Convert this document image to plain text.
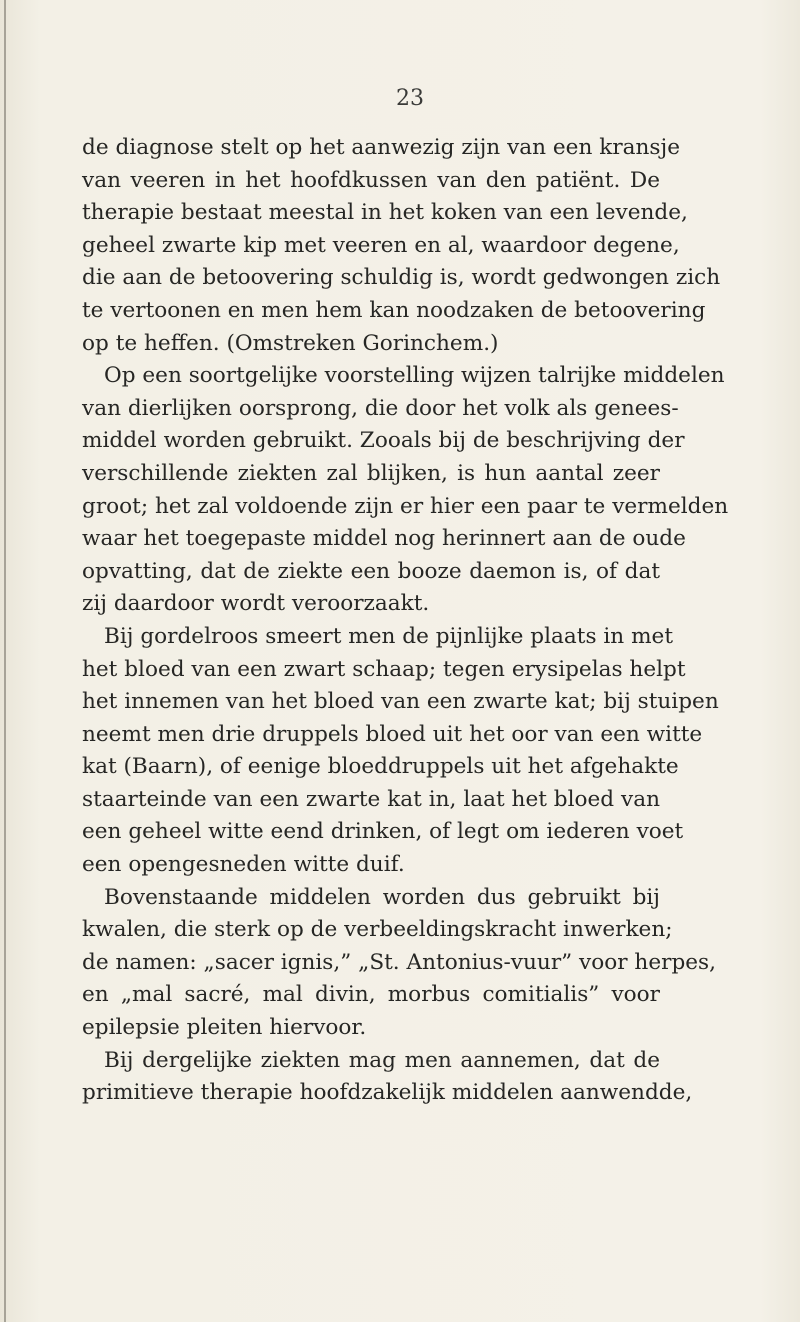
23
de diagnose stelt op het aanwezig zijn van een kransje
van veeren in het hoofdkussen van den patiënt. De
therapie bestaat meestal in het koken van een levende,
geheel zwarte kip met veeren en al, waardoor degene,
die aan de betoovering schuldig is, wordt gedwongen zich
te vertoonen en men hem kan noodzaken de betoovering
op te heffen. (Omstreken Gorinchem.)
Op een soortgelijke voorstelling wijzen talrijke middelen
van dierlijken oorsprong, die door het volk als genees-
middel worden gebruikt. Zooals bij de beschrijving der
verschillende ziekten zal blijken, is hun aantal zeer
groot; het zal voldoende zijn er hier een paar te vermelden
waar het toegepaste middel nog herinnert aan de oude
opvatting, dat de ziekte een booze daemon is, of dat
zij daardoor wordt veroorzaakt.
Bij gordelroos smeert men de pijnlijke plaats in met
het bloed van een zwart schaap; tegen erysipelas helpt
het innemen van het bloed van een zwarte kat; bij stuipen
neemt men drie druppels bloed uit het oor van een witte
kat (Baarn), of eenige bloeddruppels uit het afgehakte
staarteinde van een zwarte kat in, laat het bloed van
een geheel witte eend drinken, of legt om iederen voet
een opengesneden witte duif.
Bovenstaande middelen worden dus gebruikt bij
kwalen, die sterk op de verbeeldingskracht inwerken;
de namen: „sacer ignis,” „St. Antonius-vuur” voor herpes,
en „mal sacré, mal divin, morbus comitialis” voor
epilepsie pleiten hiervoor.
Bij dergelijke ziekten mag men aannemen, dat de
primitieve therapie hoofdzakelijk middelen aanwendde,
